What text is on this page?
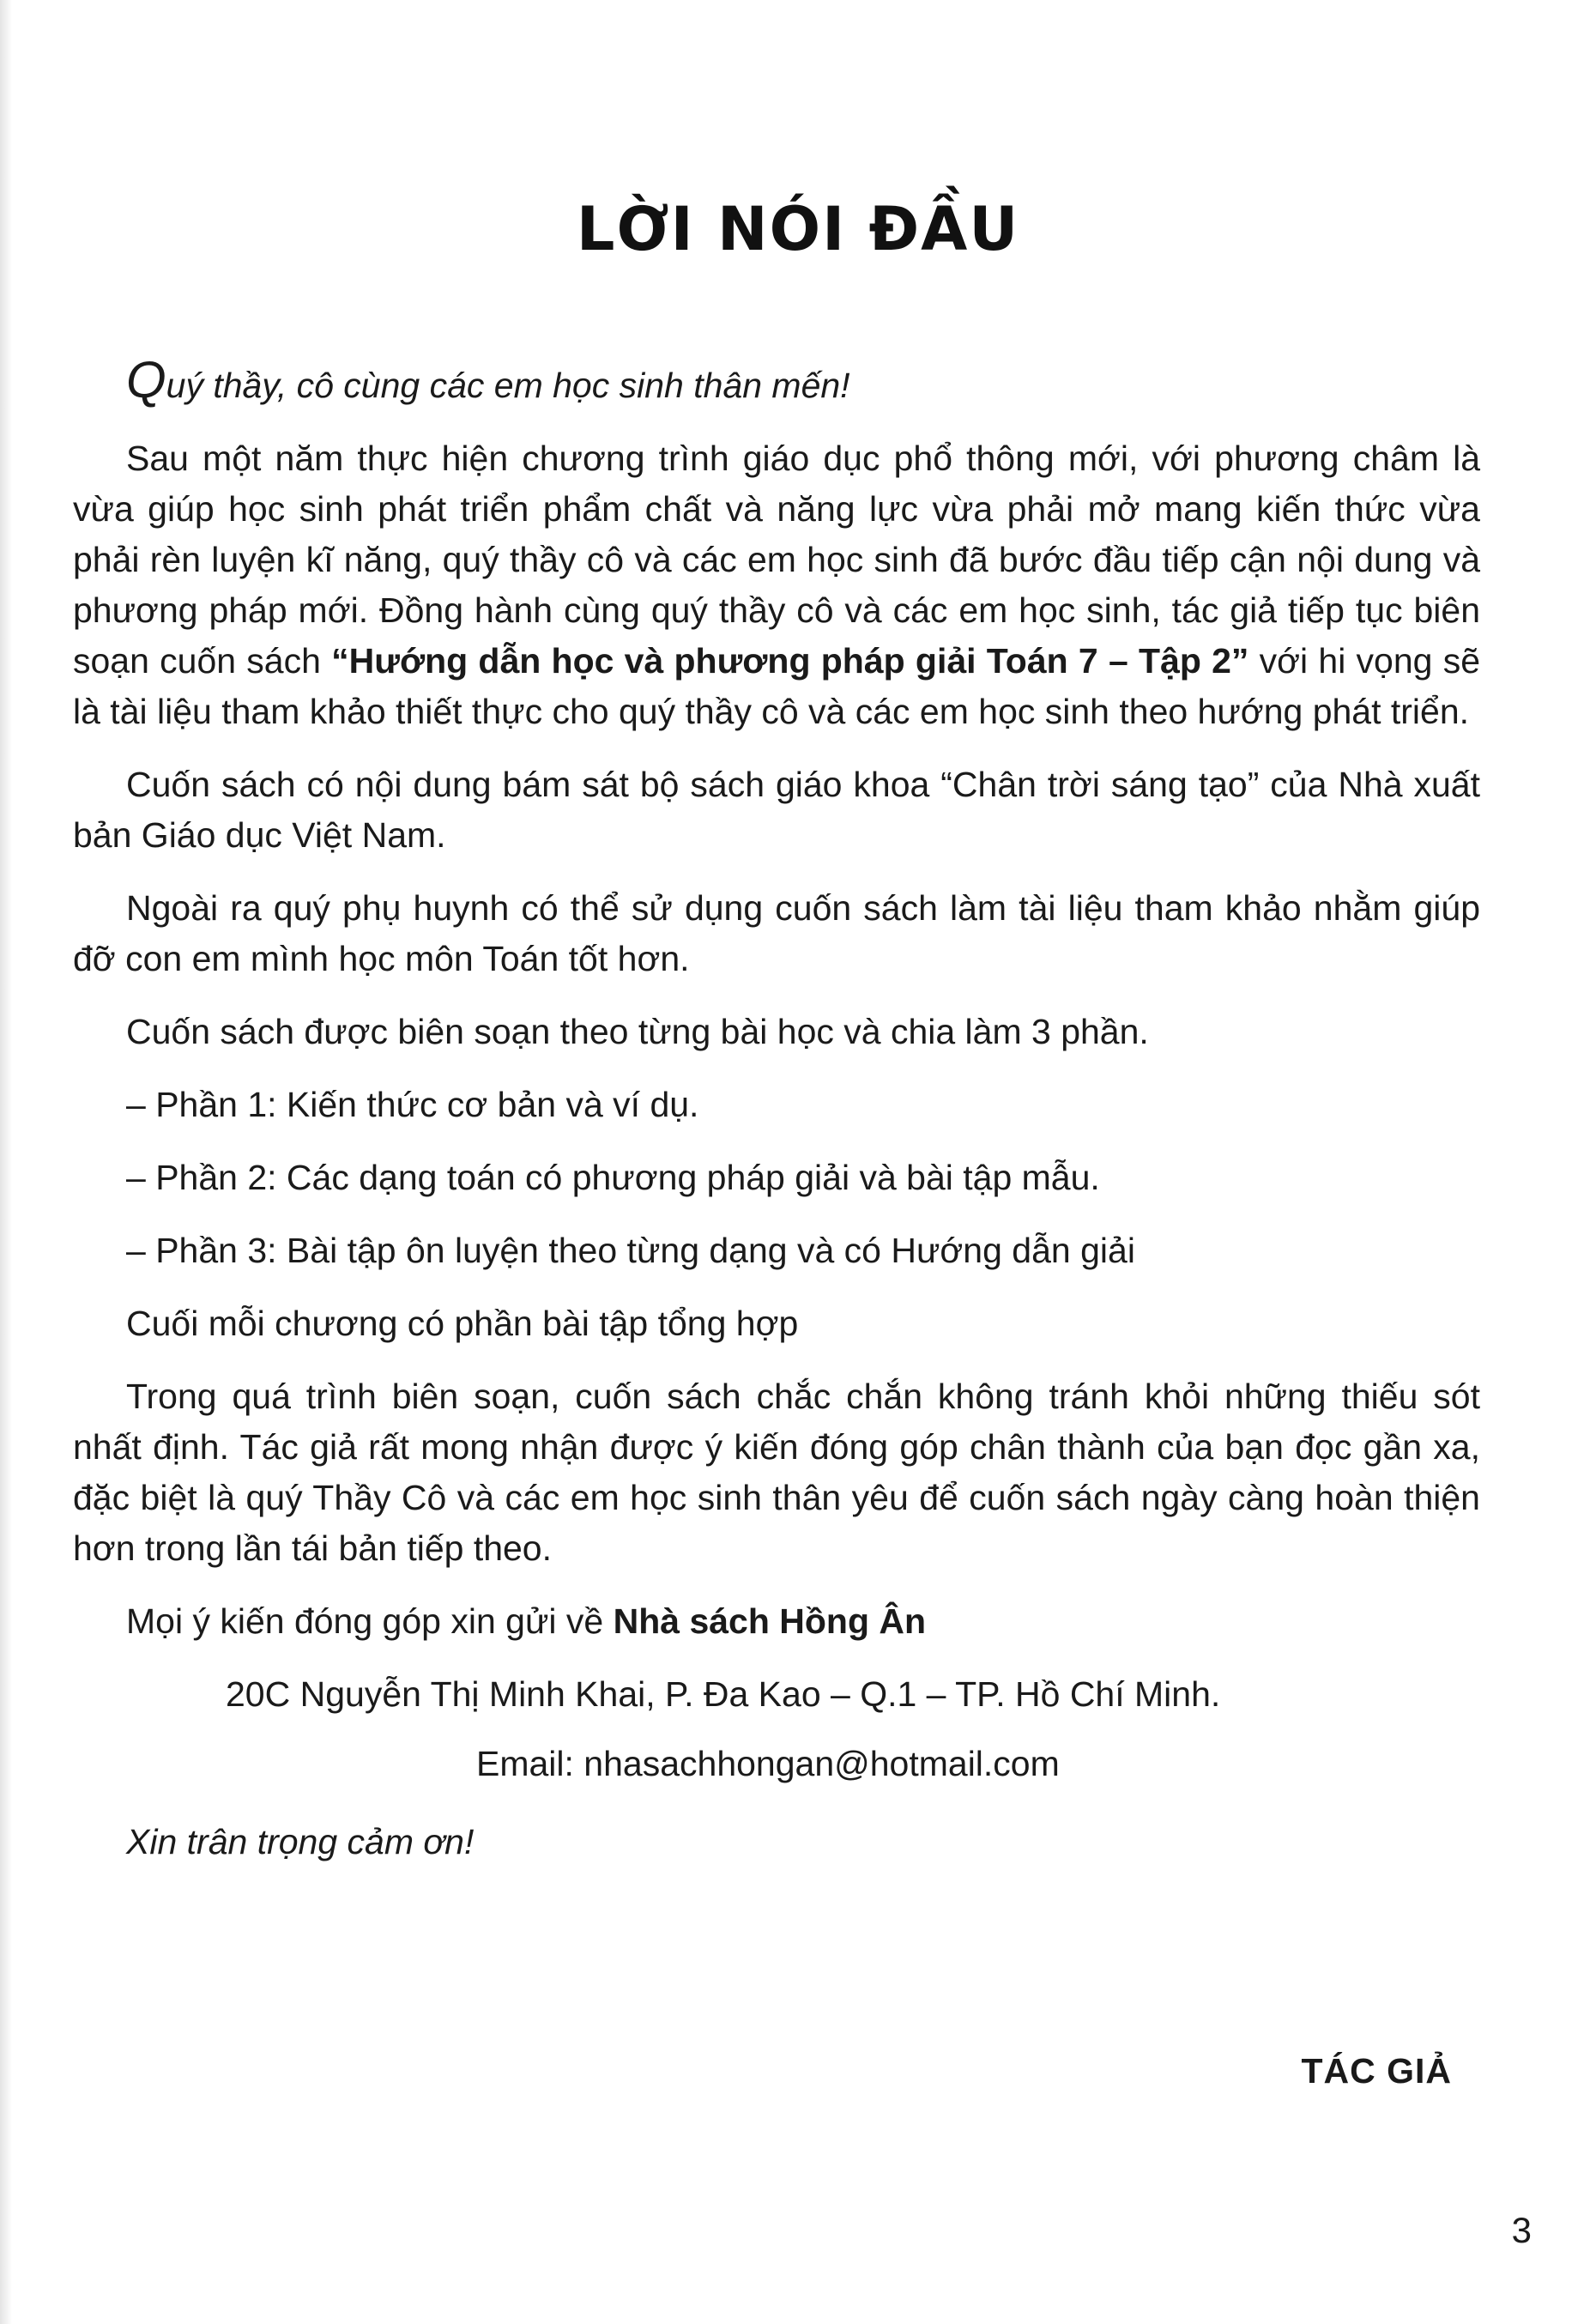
LỜI NÓI ĐẦU

Quý thầy, cô cùng các em học sinh thân mến!

Sau một năm thực hiện chương trình giáo dục phổ thông mới, với phương châm là vừa giúp học sinh phát triển phẩm chất và năng lực vừa phải mở mang kiến thức vừa phải rèn luyện kĩ năng, quý thầy cô và các em học sinh đã bước đầu tiếp cận nội dung và phương pháp mới. Đồng hành cùng quý thầy cô và các em học sinh, tác giả tiếp tục biên soạn cuốn sách “Hướng dẫn học và phương pháp giải Toán 7 – Tập 2” với hi vọng sẽ là tài liệu tham khảo thiết thực cho quý thầy cô và các em học sinh theo hướng phát triển.

Cuốn sách có nội dung bám sát bộ sách giáo khoa “Chân trời sáng tạo” của Nhà xuất bản Giáo dục Việt Nam.

Ngoài ra quý phụ huynh có thể sử dụng cuốn sách làm tài liệu tham khảo nhằm giúp đỡ con em mình học môn Toán tốt hơn.

Cuốn sách được biên soạn theo từng bài học và chia làm 3 phần.

– Phần 1: Kiến thức cơ bản và ví dụ.

– Phần 2: Các dạng toán có phương pháp giải và bài tập mẫu.

– Phần 3: Bài tập ôn luyện theo từng dạng và có Hướng dẫn giải

Cuối mỗi chương có phần bài tập tổng hợp

Trong quá trình biên soạn, cuốn sách chắc chắn không tránh khỏi những thiếu sót nhất định. Tác giả rất mong nhận được ý kiến đóng góp chân thành của bạn đọc gần xa, đặc biệt là quý Thầy Cô và các em học sinh thân yêu để cuốn sách ngày càng hoàn thiện hơn trong lần tái bản tiếp theo.

Mọi ý kiến đóng góp xin gửi về Nhà sách Hồng Ân

20C Nguyễn Thị Minh Khai, P. Đa Kao – Q.1 – TP. Hồ Chí Minh.

Email: nhasachhongan@hotmail.com

Xin trân trọng cảm ơn!

TÁC GIẢ
3
